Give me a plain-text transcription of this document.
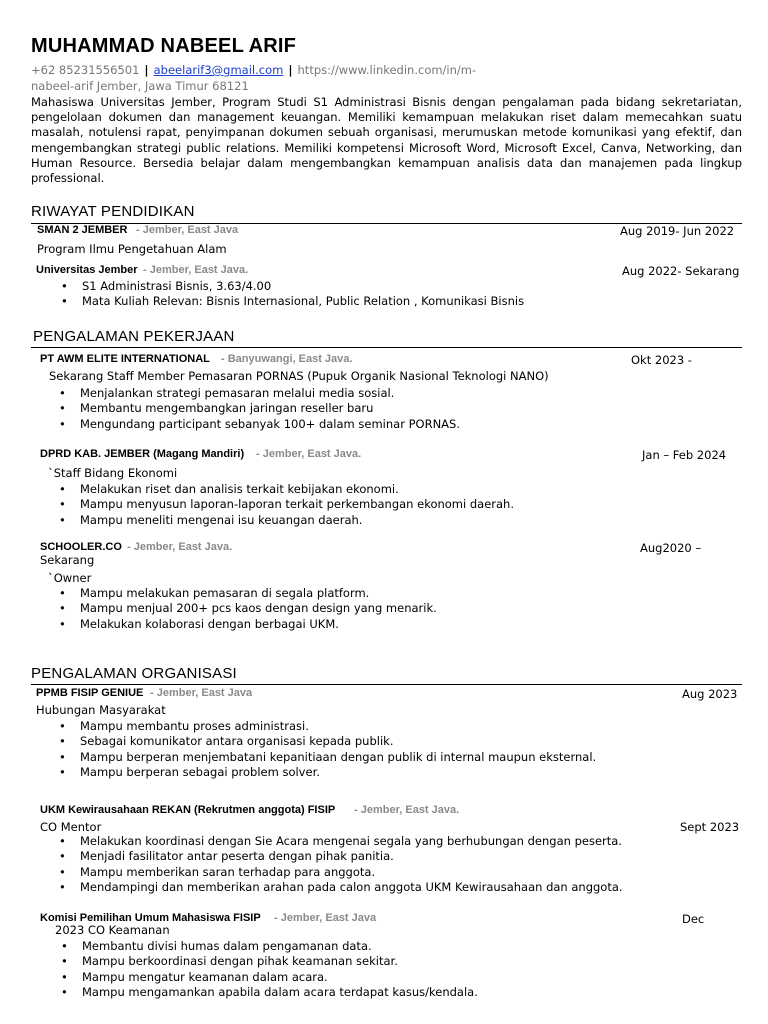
MUHAMMAD NABEEL ARIF
+62 85231556501 | abeelarif3@gmail.com | https://www.linkedin.com/in/m-
nabeel-arif Jember, Jawa Timur 68121
Mahasiswa Universitas Jember, Program Studi S1 Administrasi Bisnis dengan pengalaman pada bidang sekretariatan, pengelolaan dokumen dan management keuangan. Memiliki kemampuan melakukan riset dalam memecahkan suatu masalah, notulensi rapat, penyimpanan dokumen sebuah organisasi, merumuskan metode komunikasi yang efektif, dan mengembangkan strategi public relations. Memiliki kompetensi Microsoft Word, Microsoft Excel, Canva, Networking, dan Human Resource. Bersedia belajar dalam mengembangkan kemampuan analisis data dan manajemen pada lingkup professional.
RIWAYAT PENDIDIKAN
SMAN 2 JEMBER - Jember, East Java	Aug 2019- Jun 2022
Program Ilmu Pengetahuan Alam
Universitas Jember - Jember, East Java.	Aug 2022- Sekarang
• S1 Administrasi Bisnis, 3.63/4.00
• Mata Kuliah Relevan: Bisnis Internasional, Public Relation , Komunikasi Bisnis
PENGALAMAN PEKERJAAN
PT AWM ELITE INTERNATIONAL - Banyuwangi, East Java.	Okt 2023 -
Sekarang Staff Member Pemasaran PORNAS (Pupuk Organik Nasional Teknologi NANO)
• Menjalankan strategi pemasaran melalui media sosial.
• Membantu mengembangkan jaringan reseller baru
• Mengundang participant sebanyak 100+ dalam seminar PORNAS.
DPRD KAB. JEMBER (Magang Mandiri) - Jember, East Java.	Jan – Feb 2024
`Staff Bidang Ekonomi
• Melakukan riset dan analisis terkait kebijakan ekonomi.
• Mampu menyusun laporan-laporan terkait perkembangan ekonomi daerah.
• Mampu meneliti mengenai isu keuangan daerah.
SCHOOLER.CO - Jember, East Java.	Aug2020 –
Sekarang
`Owner
• Mampu melakukan pemasaran di segala platform.
• Mampu menjual 200+ pcs kaos dengan design yang menarik.
• Melakukan kolaborasi dengan berbagai UKM.
PENGALAMAN ORGANISASI
PPMB FISIP GENIUE - Jember, East Java	Aug 2023
Hubungan Masyarakat
• Mampu membantu proses administrasi.
• Sebagai komunikator antara organisasi kepada publik.
• Mampu berperan menjembatani kepanitiaan dengan publik di internal maupun eksternal.
• Mampu berperan sebagai problem solver.
UKM Kewirausahaan REKAN (Rekrutmen anggota) FISIP - Jember, East Java.
CO Mentor	Sept 2023
• Melakukan koordinasi dengan Sie Acara mengenai segala yang berhubungan dengan peserta.
• Menjadi fasilitator antar peserta dengan pihak panitia.
• Mampu memberikan saran terhadap para anggota.
• Mendampingi dan memberikan arahan pada calon anggota UKM Kewirausahaan dan anggota.
Komisi Pemilihan Umum Mahasiswa FISIP - Jember, East Java	Dec
2023 CO Keamanan
• Membantu divisi humas dalam pengamanan data.
• Mampu berkoordinasi dengan pihak keamanan sekitar.
• Mampu mengatur keamanan dalam acara.
• Mampu mengamankan apabila dalam acara terdapat kasus/kendala.
